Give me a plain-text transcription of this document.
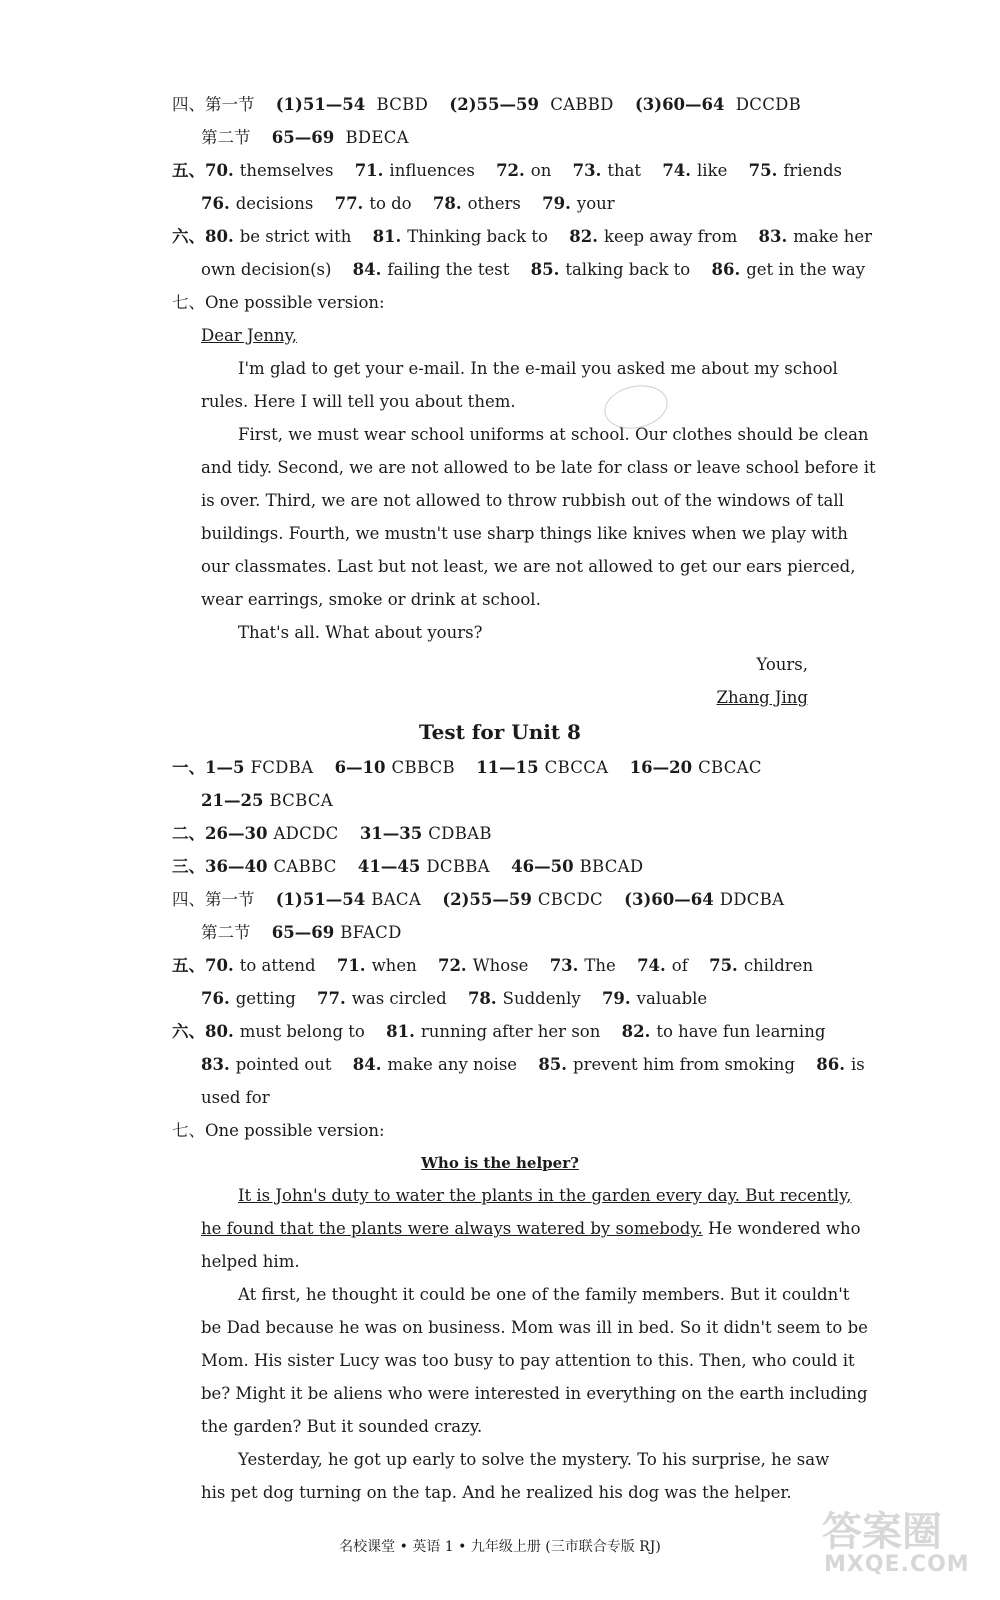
四、第一节 (1)51—54 BCBD (2)55—59 CABBD (3)60—64 DCCDB
第二节 65—69 BDECA
五、70. themselves 71. influences 72. on 73. that 74. like 75. friends
76. decisions 77. to do 78. others 79. your
六、80. be strict with 81. Thinking back to 82. keep away from 83. make her
own decision(s) 84. failing the test 85. talking back to 86. get in the way
七、One possible version:
Dear Jenny,
I'm glad to get your e-mail. In the e-mail you asked me about my school
rules. Here I will tell you about them.
First, we must wear school uniforms at school. Our clothes should be clean
and tidy. Second, we are not allowed to be late for class or leave school before it
is over. Third, we are not allowed to throw rubbish out of the windows of tall
buildings. Fourth, we mustn't use sharp things like knives when we play with
our classmates. Last but not least, we are not allowed to get our ears pierced,
wear earrings, smoke or drink at school.
That's all. What about yours?
Yours,
Zhang Jing
Test for Unit 8
一、1—5 FCDBA 6—10 CBBCB 11—15 CBCCA 16—20 CBCAC
21—25 BCBCA
二、26—30 ADCDC 31—35 CDBAB
三、36—40 CABBC 41—45 DCBBA 46—50 BBCAD
四、第一节 (1)51—54 BACA (2)55—59 CBCDC (3)60—64 DDCBA
第二节 65—69 BFACD
五、70. to attend 71. when 72. Whose 73. The 74. of 75. children
76. getting 77. was circled 78. Suddenly 79. valuable
六、80. must belong to 81. running after her son 82. to have fun learning
83. pointed out 84. make any noise 85. prevent him from smoking 86. is
used for
七、One possible version:
Who is the helper?
It is John's duty to water the plants in the garden every day. But recently,
he found that the plants were always watered by somebody. He wondered who
helped him.
At first, he thought it could be one of the family members. But it couldn't
be Dad because he was on business. Mom was ill in bed. So it didn't seem to be
Mom. His sister Lucy was too busy to pay attention to this. Then, who could it
be? Might it be aliens who were interested in everything on the earth including
the garden? But it sounded crazy.
Yesterday, he got up early to solve the mystery. To his surprise, he saw
his pet dog turning on the tap. And he realized his dog was the helper.
名校课堂 • 英语 1 • 九年级上册 (三市联合专版 RJ)	答案圈
MXQE.COM
